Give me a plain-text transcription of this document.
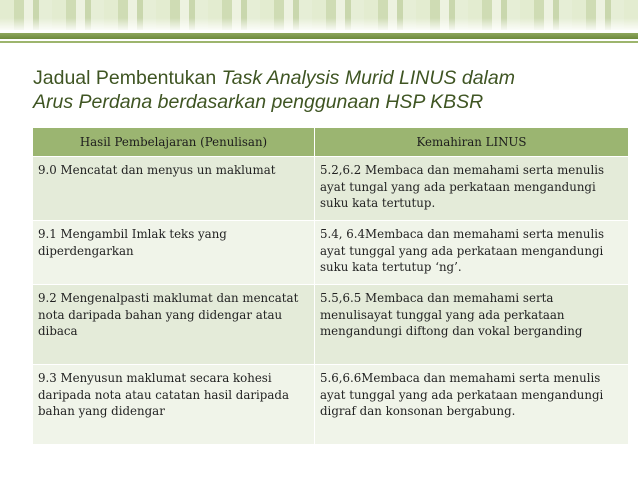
Jadual Pembentukan Task Analysis Murid LINUS dalam
Arus Perdana berdasarkan penggunaan HSP KBSR
Hasil Pembelajaran (Penulisan)	Kemahiran LINUS
9.0 Mencatat dan menyus un maklumat	5.2,6.2 Membaca dan memahami serta menulis ayat tungal yang ada perkataan mengandungi suku kata tertutup.
9.1 Mengambil Imlak teks yang diperdengarkan	5.4, 6.4Membaca dan memahami serta menulis ayat tunggal yang ada perkataan mengandungi suku kata tertutup ‘ng’.
9.2 Mengenalpasti maklumat dan mencatat nota daripada bahan yang didengar atau dibaca	5.5,6.5 Membaca dan memahami serta menulisayat tunggal yang ada perkataan mengandungi diftong dan vokal berganding
9.3 Menyusun maklumat secara kohesi daripada nota atau catatan hasil daripada bahan yang didengar	5.6,6.6Membaca dan memahami serta menulis ayat tunggal yang ada perkataan mengandungi digraf dan konsonan bergabung.
